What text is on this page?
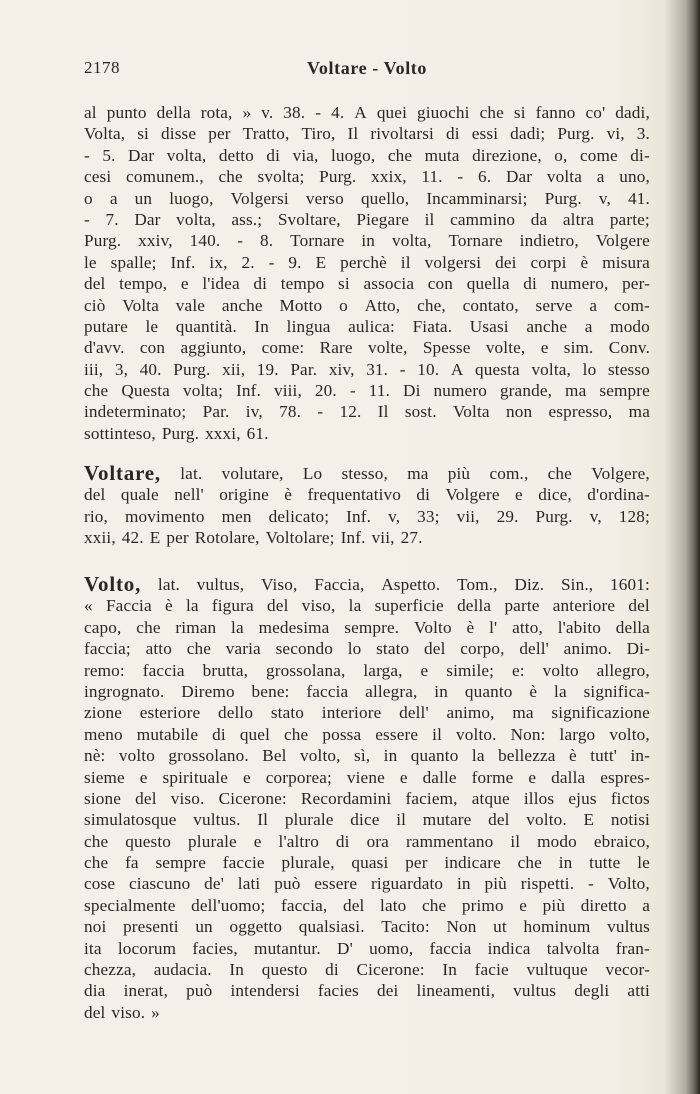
2178	Voltare - Volto
al punto della rota, » v. 38. - 4. A quei giuochi che si fanno co' dadi,
Volta, si disse per Tratto, Tiro, Il rivoltarsi di essi dadi; Purg. vi, 3.
- 5. Dar volta, detto di via, luogo, che muta direzione, o, come di-
cesi comunem., che svolta; Purg. xxix, 11. - 6. Dar volta a uno,
o a un luogo, Volgersi verso quello, Incamminarsi; Purg. v, 41.
- 7. Dar volta, ass.; Svoltare, Piegare il cammino da altra parte;
Purg. xxiv, 140. - 8. Tornare in volta, Tornare indietro, Volgere
le spalle; Inf. ix, 2. - 9. E perchè il volgersi dei corpi è misura
del tempo, e l'idea di tempo si associa con quella di numero, per-
ciò Volta vale anche Motto o Atto, che, contato, serve a com-
putare le quantità. In lingua aulica: Fiata. Usasi anche a modo
d'avv. con aggiunto, come: Rare volte, Spesse volte, e sim. Conv.
iii, 3, 40. Purg. xii, 19. Par. xiv, 31. - 10. A questa volta, lo stesso
che Questa volta; Inf. viii, 20. - 11. Di numero grande, ma sempre
indeterminato; Par. iv, 78. - 12. Il sost. Volta non espresso, ma
sottinteso, Purg. xxxi, 61.
Voltare, lat. volutare, Lo stesso, ma più com., che Volgere,
del quale nell' origine è frequentativo di Volgere e dice, d'ordina-
rio, movimento men delicato; Inf. v, 33; vii, 29. Purg. v, 128;
xxii, 42. E per Rotolare, Voltolare; Inf. vii, 27.
Volto, lat. vultus, Viso, Faccia, Aspetto. Tom., Diz. Sin., 1601:
« Faccia è la figura del viso, la superficie della parte anteriore del
capo, che riman la medesima sempre. Volto è l' atto, l'abito della
faccia; atto che varia secondo lo stato del corpo, dell' animo. Di-
remo: faccia brutta, grossolana, larga, e simile; e: volto allegro,
ingrognato. Diremo bene: faccia allegra, in quanto è la significa-
zione esteriore dello stato interiore dell' animo, ma significazione
meno mutabile di quel che possa essere il volto. Non: largo volto,
nè: volto grossolano. Bel volto, sì, in quanto la bellezza è tutt' in-
sieme e spirituale e corporea; viene e dalle forme e dalla espres-
sione del viso. Cicerone: Recordamini faciem, atque illos ejus fictos
simulatosque vultus. Il plurale dice il mutare del volto. E notisi
che questo plurale e l'altro di ora rammentano il modo ebraico,
che fa sempre faccie plurale, quasi per indicare che in tutte le
cose ciascuno de' lati può essere riguardato in più rispetti. - Volto,
specialmente dell'uomo; faccia, del lato che primo e più diretto a
noi presenti un oggetto qualsiasi. Tacito: Non ut hominum vultus
ita locorum facies, mutantur. D' uomo, faccia indica talvolta fran-
chezza, audacia. In questo di Cicerone: In facie vultuque vecor-
dia inerat, può intendersi facies dei lineamenti, vultus degli atti
del viso. »
